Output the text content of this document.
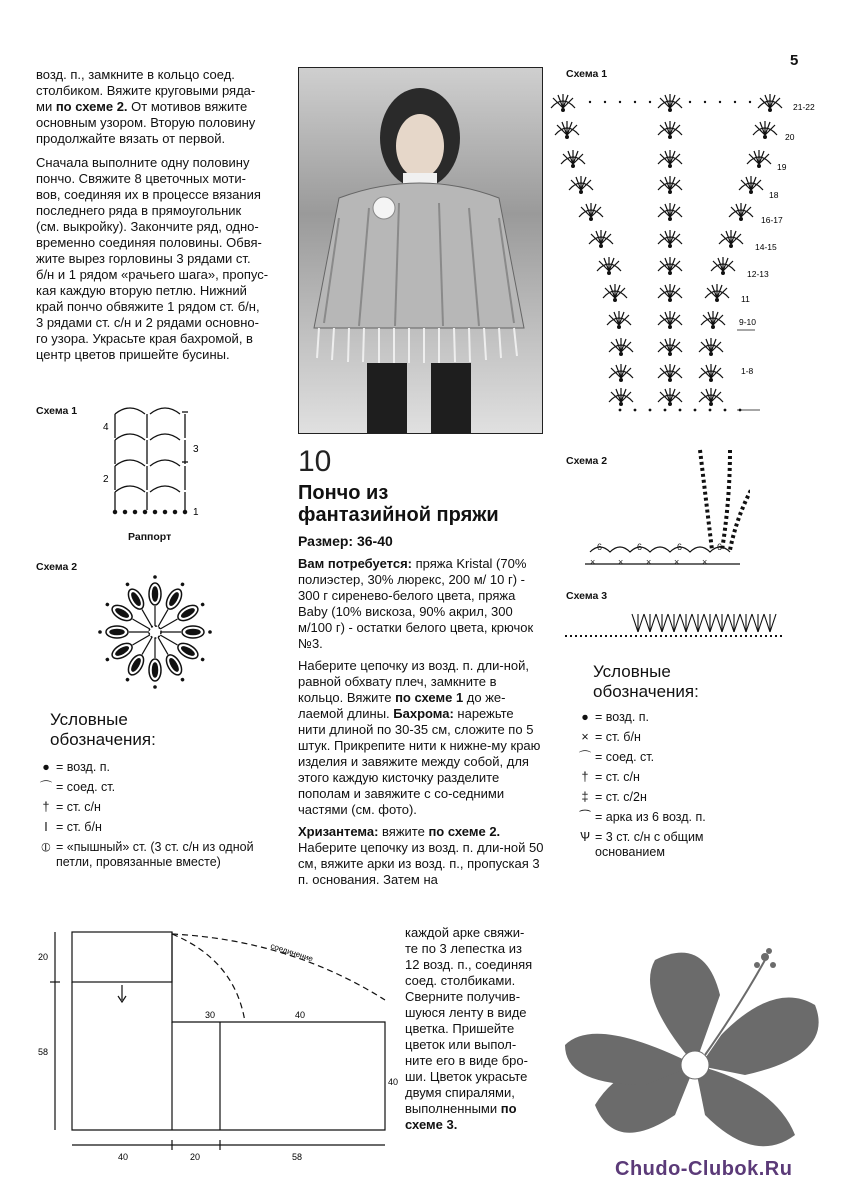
5

возд. п., замкните в кольцо соед.
столбиком. Вяжите круговыми рядa-
ми по схеме 2. От мотивов вяжите
основным узором. Вторую половину
продолжайте вязать от первой.

Сначала выполните одну половину
пончо. Свяжите 8 цветочных моти-
вов, соединяя их в процессе вязания
последнего ряда в прямоугольник
(см. выкройку). Закончите ряд, одно-
временно соединяя половины. Обвя-
жите вырез горловины 3 рядами ст.
б/н и 1 рядом «рачьего шага», пропус-
кая каждую вторую петлю. Нижний
край пончо обвяжите 1 рядом ст. б/н,
3 рядами ст. с/н и 2 рядами основно-
го узора. Украсьте края бахромой, в
центр цветов пришейте бусины.

Схема 1
4
3
2
1
Раппорт
Схема 2
Условные
обозначения:
● = возд. п.
⌒ = соед. ст.
† = ст. с/н
I = ст. б/н
⦶ = «пышный» ст. (3 ст. с/н из одной петли, провязанные вместе)
20
58
30	40
40
40	20	58
соединение
10
Пончо из
фантазийной пряжи
Размер: 36-40

Вам потребуется: пряжа Kristal (70% полиэстер, 30% люрекс, 200 м/ 10 г) - 300 г сиренево-белого цвета, пряжа Baby (10% вискоза, 90% акрил, 300 м/100 г) - остатки белого цвета, крючок №3.

Наберите цепочку из возд. п. дли-ной, равной обхвату плеч, замкните в кольцо. Вяжите по схеме 1 до же-лаемой длины. Бахрома: нарежьте нити длиной по 30-35 см, сложите по 5 штук. Прикрепите нити к нижне-му краю изделия и завяжите между собой, для этого каждую кисточку разделите пополам и завяжите с со-седними частями (см. фото).

Хризантема: вяжите по схеме 2. Наберите цепочку из возд. п. дли-ной 50 см, вяжите арки из возд. п., пропуская 3 п. основания. Затем на

каждой арке свяжи-
те по 3 лепестка из
12 возд. п., соединяя
соед. столбиками.
Сверните получив-
шуюся ленту в виде
цветка. Пришейте
цветок или выпол-
ните его в виде бро-
ши. Цветок украсьте
двумя спиралями,
выполненными по
схеме 3.
Схема 1
21-22
20
19
18
16-17
14-15
12-13
11
9-10
1-8
Схема 2
6	6	6	6
×	×	×	×	×
Схема 3
Условные
обозначения:
● = возд. п.
× = ст. б/н
⌒ = соед. ст.
† = ст. с/н
‡ = ст. с/2н
⁀ = арка из 6 возд. п.
Ѱ = 3 ст. с/н с общим основанием
Chudo-Clubok.Ru
